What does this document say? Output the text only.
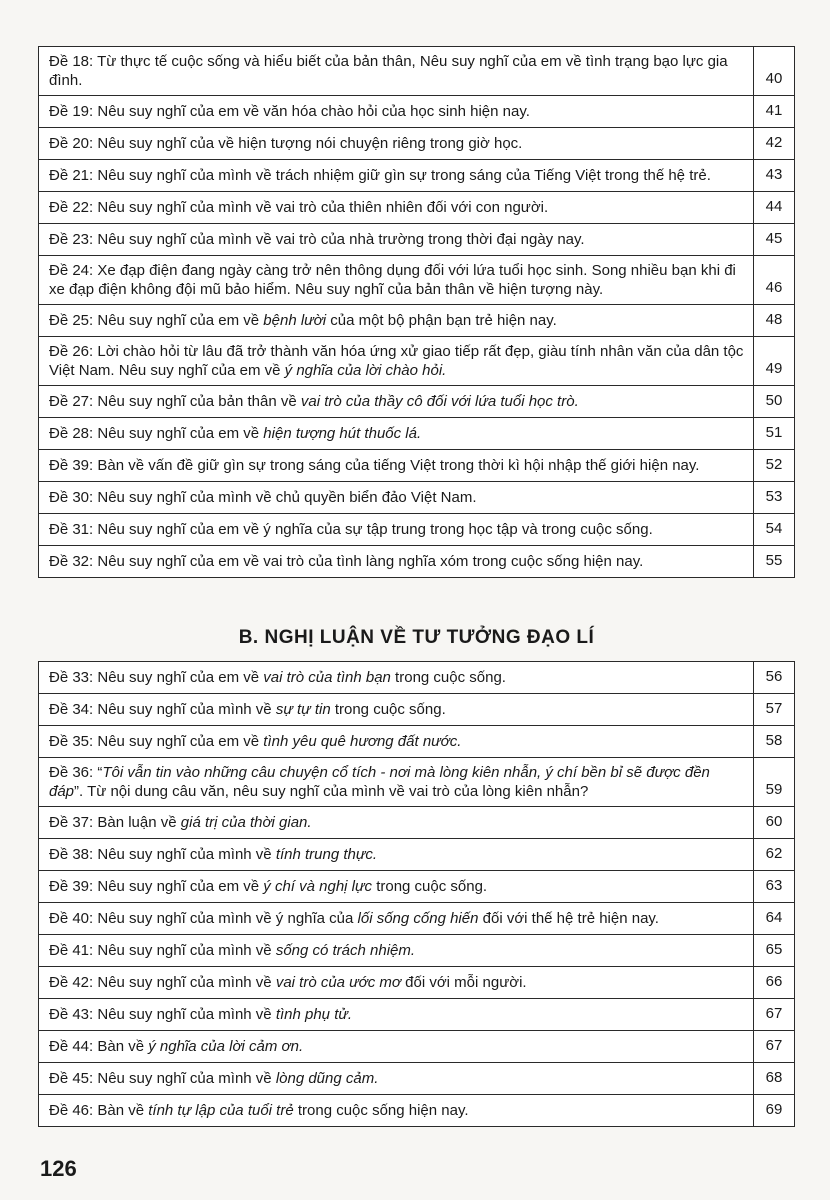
Đề 18: Từ thực tế cuộc sống và hiểu biết của bản thân, Nêu suy nghĩ của em về tình trạng bạo lực gia đình.	40
Đề 19: Nêu suy nghĩ của em về văn hóa chào hỏi của học sinh hiện nay.	41
Đề 20: Nêu suy nghĩ của về hiện tượng nói chuyện riêng trong giờ học.	42
Đề 21: Nêu suy nghĩ của mình về trách nhiệm giữ gìn sự trong sáng của Tiếng Việt trong thế hệ trẻ.	43
Đề 22: Nêu suy nghĩ của mình về vai trò của thiên nhiên đối với con người.	44
Đề 23: Nêu suy nghĩ của mình về vai trò của nhà trường trong thời đại ngày nay.	45
Đề 24: Xe đạp điện đang ngày càng trở nên thông dụng đối với lứa tuổi học sinh. Song nhiều bạn khi đi xe đạp điện không đội mũ bảo hiểm. Nêu suy nghĩ của bản thân về hiện tượng này.	46
Đề 25: Nêu suy nghĩ của em về bệnh lười của một bộ phận bạn trẻ hiện nay.	48
Đề 26: Lời chào hỏi từ lâu đã trở thành văn hóa ứng xử giao tiếp rất đẹp, giàu tính nhân văn của dân tộc Việt Nam. Nêu suy nghĩ của em về ý nghĩa của lời chào hỏi.	49
Đề 27: Nêu suy nghĩ của bản thân về vai trò của thầy cô đối với lứa tuổi học trò.	50
Đề 28: Nêu suy nghĩ của em về hiện tượng hút thuốc lá.	51
Đề 39: Bàn về vấn đề giữ gìn sự trong sáng của tiếng Việt trong thời kì hội nhập thế giới hiện nay.	52
Đề 30: Nêu suy nghĩ của mình về chủ quyền biển đảo Việt Nam.	53
Đề 31: Nêu suy nghĩ của em về ý nghĩa của sự tập trung trong học tập và trong cuộc sống.	54
Đề 32: Nêu suy nghĩ của em về vai trò của tình làng nghĩa xóm trong cuộc sống hiện nay.	55
B. NGHỊ LUẬN VỀ TƯ TƯỞNG ĐẠO LÍ
Đề 33: Nêu suy nghĩ của em về vai trò của tình bạn trong cuộc sống.	56
Đề 34: Nêu suy nghĩ của mình về sự tự tin trong cuộc sống.	57
Đề 35: Nêu suy nghĩ của em về tình yêu quê hương đất nước.	58
Đề 36: “Tôi vẫn tin vào những câu chuyện cổ tích - nơi mà lòng kiên nhẫn, ý chí bền bỉ sẽ được đền đáp”. Từ nội dung câu văn, nêu suy nghĩ của mình về vai trò của lòng kiên nhẫn?	59
Đề 37: Bàn luận về giá trị của thời gian.	60
Đề 38: Nêu suy nghĩ của mình về tính trung thực.	62
Đề 39: Nêu suy nghĩ của em về ý chí và nghị lực trong cuộc sống.	63
Đề 40: Nêu suy nghĩ của mình về ý nghĩa của lối sống cống hiến đối với thế hệ trẻ hiện nay.	64
Đề 41: Nêu suy nghĩ của mình về sống có trách nhiệm.	65
Đề 42: Nêu suy nghĩ của mình về vai trò của ước mơ đối với mỗi người.	66
Đề 43: Nêu suy nghĩ của mình về tình phụ tử.	67
Đề 44: Bàn về ý nghĩa của lời cảm ơn.	67
Đề 45: Nêu suy nghĩ của mình về lòng dũng cảm.	68
Đề 46: Bàn về tính tự lập của tuổi trẻ trong cuộc sống hiện nay.	69
126
